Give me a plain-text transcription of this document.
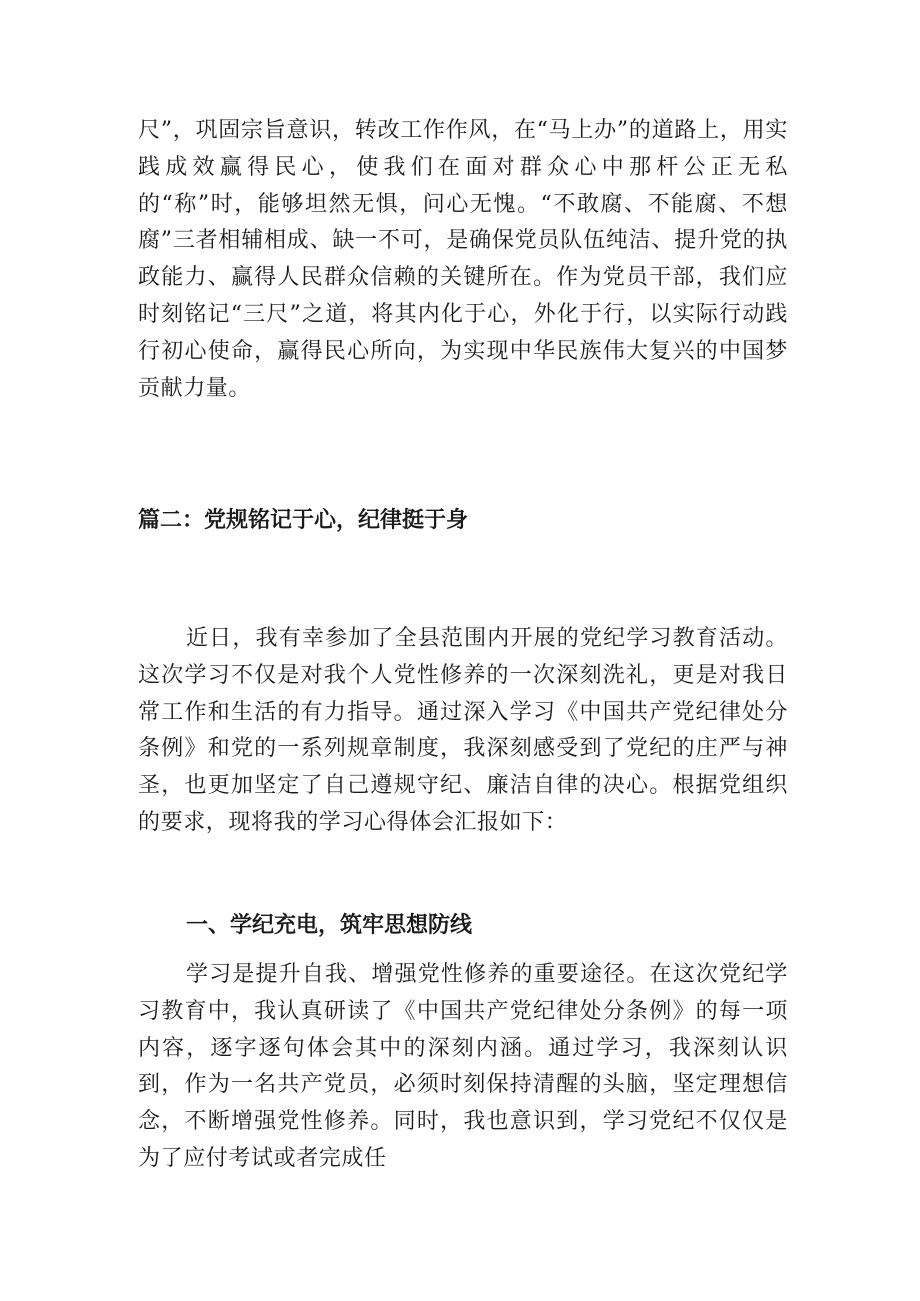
尺”，巩固宗旨意识，转改工作作风，在“马上办”的道路上，用实践成效赢得民心，使我们在面对群众心中那杆公正无私的“称”时，能够坦然无惧，问心无愧。“不敢腐、不能腐、不想腐”三者相辅相成、缺一不可，是确保党员队伍纯洁、提升党的执政能力、赢得人民群众信赖的关键所在。作为党员干部，我们应时刻铭记“三尺”之道，将其内化于心，外化于行，以实际行动践行初心使命，赢得民心所向，为实现中华民族伟大复兴的中国梦贡献力量。

篇二：党规铭记于心，纪律挺于身

近日，我有幸参加了全县范围内开展的党纪学习教育活动。这次学习不仅是对我个人党性修养的一次深刻洗礼，更是对我日常工作和生活的有力指导。通过深入学习《中国共产党纪律处分条例》和党的一系列规章制度，我深刻感受到了党纪的庄严与神圣，也更加坚定了自己遵规守纪、廉洁自律的决心。根据党组织的要求，现将我的学习心得体会汇报如下：

一、学纪充电，筑牢思想防线

学习是提升自我、增强党性修养的重要途径。在这次党纪学习教育中，我认真研读了《中国共产党纪律处分条例》的每一项内容，逐字逐句体会其中的深刻内涵。通过学习，我深刻认识到，作为一名共产党员，必须时刻保持清醒的头脑，坚定理想信念，不断增强党性修养。同时，我也意识到，学习党纪不仅仅是为了应付考试或者完成任
